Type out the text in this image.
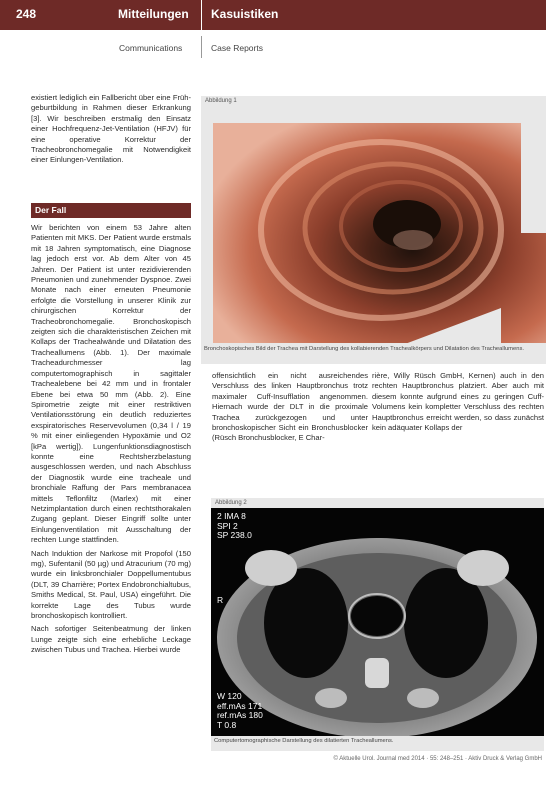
248	Mitteilungen Kasuistiken
Communications	Case Reports
existiert lediglich ein Fallbericht über eine Frühgeburtbildung in Rahmen dieser Erkrankung [3]. Wir beschreiben erstmalig den Einsatz einer Hochfrequenz-Jet-Ventilation (HFJV) für eine operative Korrektur der Tracheobronchomegalie mit Notwendigkeit einer Einlungen-Ventilation.
Der Fall

Wir berichten von einem 53 Jahre alten Patienten mit MKS. Der Patient wurde erstmals mit 18 Jahren symptomatisch, eine Diagnose lag jedoch erst vor. Ab dem Alter von 45 Jahren. Der Patient ist unter rezidivierenden Pneumonien und zunehmender Dyspnoe. Zwei Monate nach einer erneuten Pneumonie erfolgte die Vorstellung in unserer Klinik zur chirurgischen Korrektur der Tracheobronchomegalie. Bronchoskopisch zeigten sich die charakteristischen Zeichen mit Kollaps der Trachealwände und Dilatation des Tracheallumens (Abb. 1). Der maximale Tracheadurchmesser lag computertomographisch in sagittaler Trachealebene bei 42 mm und in frontaler Ebene bei etwa 50 mm (Abb. 2). Eine Spirometrie zeigte mit einer restriktiven Ventilationsstörung ein deutlich reduziertes exspiratorisches Reservevolumen (0,34 l / 19 % mit einer einliegenden Hypoxämie und O2 [kPa wertig]). Lungenfunktionsdiagnostisch konnte eine Rechtsherzbelastung ausgeschlossen werden, und nach Abschluss der Diagnostik wurde eine tracheale und bronchiale Raffung der Pars membranacea mittels Teflonfiltz (Marlex) mit einer Netzimplantation durch einen rechtsthorakalen Zugang geplant. Dieser Eingriff sollte unter Einlungenventilation mit Ausschaltung der rechten Lunge stattfinden.

Nach Induktion der Narkose mit Propofol (150 mg), Sufentanil (50 µg) und Atracurium (70 mg) wurde ein linksbronchialer Doppellumentubus (DLT, 39 Charrière; Portex Endobronchialtubus, Smiths Medical, St. Paul, USA) eingeführt. Die korrekte Lage des Tubus wurde bronchoskopisch kontrolliert.

Nach sofortiger Seitenbeatmung der linken Lunge zeigte sich eine erhebliche Leckage zwischen Tubus und Trachea. Hierbei wurde

Abbildung 1
Bronchoskopisches Bild der Trachea mit Darstellung des kollabierenden Trachealkörpers und Dilatation des Tracheallumens.
offensichtlich ein nicht ausreichendes Verschluss des linken Hauptbronchus trotz maximaler Cuff-Insufflation angenommen. Hiernach wurde der DLT in die proximale Trachea zurückgezogen und unter bronchoskopischer Sicht ein Bronchusblocker (Rüsch Bronchusblocker, E Char-
rière, Willy Rüsch GmbH, Kernen) auch in den rechten Hauptbronchus platziert. Aber auch mit diesem konnte aufgrund eines zu geringen Cuff-Volumens kein kompletter Verschluss des rechten Hauptbronchus erreicht werden, so dass zunächst kein adäquater Kollaps der
Abbildung 2
2 IMA 8
SPI 2
SP 238.0
R
W 120
eff.mAs 171
ref.mAs 180
T 0.8
Computertomographische Darstellung des dilatierten Tracheallumens.
© Aktuelle Urol. Journal med 2014 · 55: 248–251 · Aktiv Druck & Verlag GmbH
